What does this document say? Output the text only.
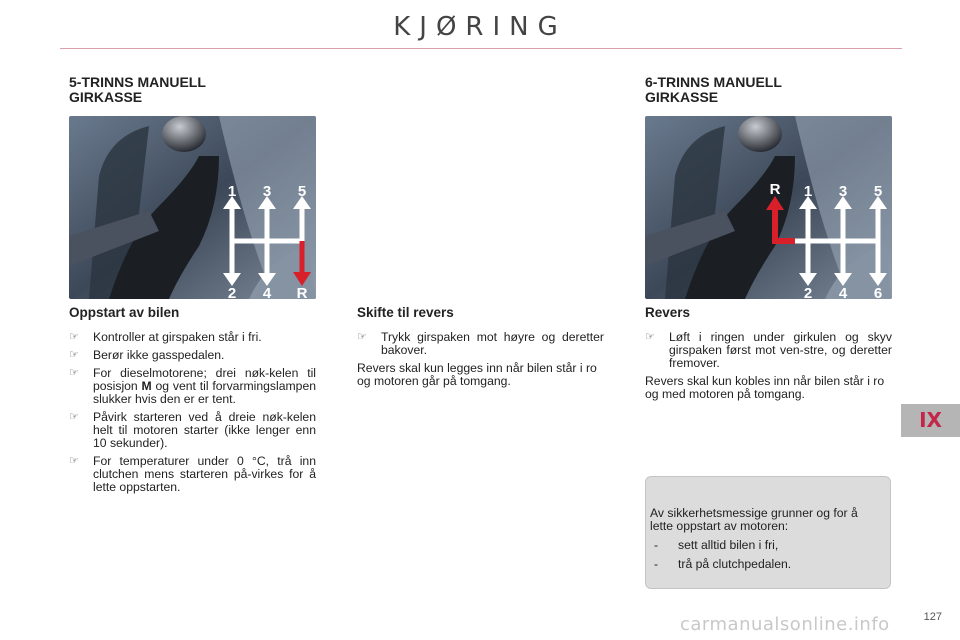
KJØRING
5-TRINNS MANUELL
GIRKASSE
1 3 5
2 4 R
Oppstart av bilen
☞ Kontroller at girspaken står i fri.
☞ Berør ikke gasspedalen.
☞ For dieselmotorene; drei nøk-kelen til posisjon M og vent til forvarmingslampen slukker hvis den er er tent.
☞ Påvirk starteren ved å dreie nøk-kelen helt til motoren starter (ikke lenger enn 10 sekunder).
☞ For temperaturer under 0 °C, trå inn clutchen mens starteren på-virkes for å lette oppstarten.
Skifte til revers
☞ Trykk girspaken mot høyre og deretter bakover.

Revers skal kun legges inn når bilen står i ro og motoren går på tomgang.

6-TRINNS MANUELL
GIRKASSE
R 1 3 5
2 4 6
Revers
☞ Løft i ringen under girkulen og skyv girspaken først mot ven-stre, og deretter fremover.

Revers skal kun kobles inn når bilen står i ro og med motoren på tomgang.

IX
Av sikkerhetsmessige grunner og for å lette oppstart av motoren:
- sett alltid bilen i fri,
- trå på clutchpedalen.
carmanualsonline.info	127
